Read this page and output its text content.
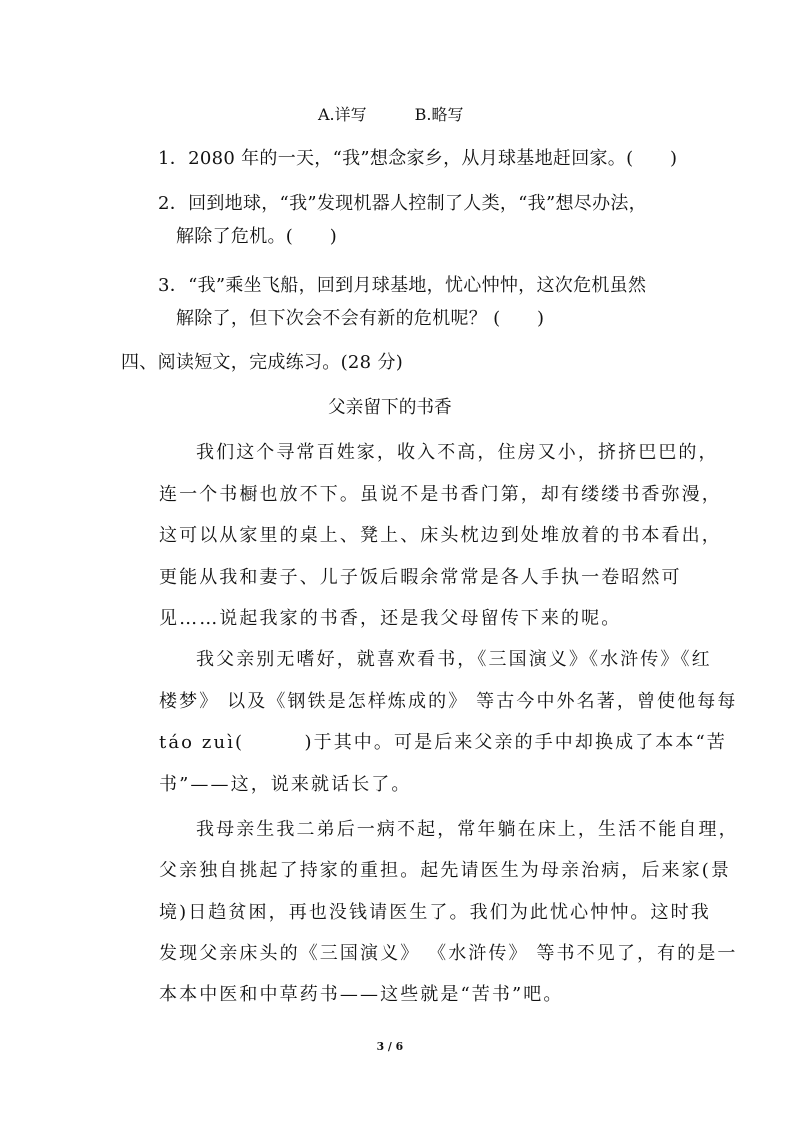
A.详写	B.略写
1．2080 年的一天，“我”想念家乡，从月球基地赶回家。(　　)
2．回到地球，“我”发现机器人控制了人类，“我”想尽办法，
解除了危机。(　　)
3．“我”乘坐飞船，回到月球基地，忧心忡忡，这次危机虽然
解除了，但下次会不会有新的危机呢？ (　　)
四、阅读短文，完成练习。(28 分)
父亲留下的书香
我们这个寻常百姓家，收入不高，住房又小，挤挤巴巴的，
连一个书橱也放不下。虽说不是书香门第，却有缕缕书香弥漫，
这可以从家里的桌上、凳上、床头枕边到处堆放着的书本看出，
更能从我和妻子、儿子饭后暇余常常是各人手执一卷昭然可
见……说起我家的书香，还是我父母留传下来的呢。
我父亲别无嗜好，就喜欢看书，《三国演义》《水浒传》《红
楼梦》 以及《钢铁是怎样炼成的》 等古今中外名著，曾使他每每
táo zuì(　　　)于其中。可是后来父亲的手中却换成了本本“苦
书”——这，说来就话长了。
我母亲生我二弟后一病不起，常年躺在床上，生活不能自理，
父亲独自挑起了持家的重担。起先请医生为母亲治病，后来家(景
境)日趋贫困，再也没钱请医生了。我们为此忧心忡忡。这时我
发现父亲床头的《三国演义》 《水浒传》 等书不见了，有的是一
本本中医和中草药书——这些就是“苦书”吧。
3 / 6
